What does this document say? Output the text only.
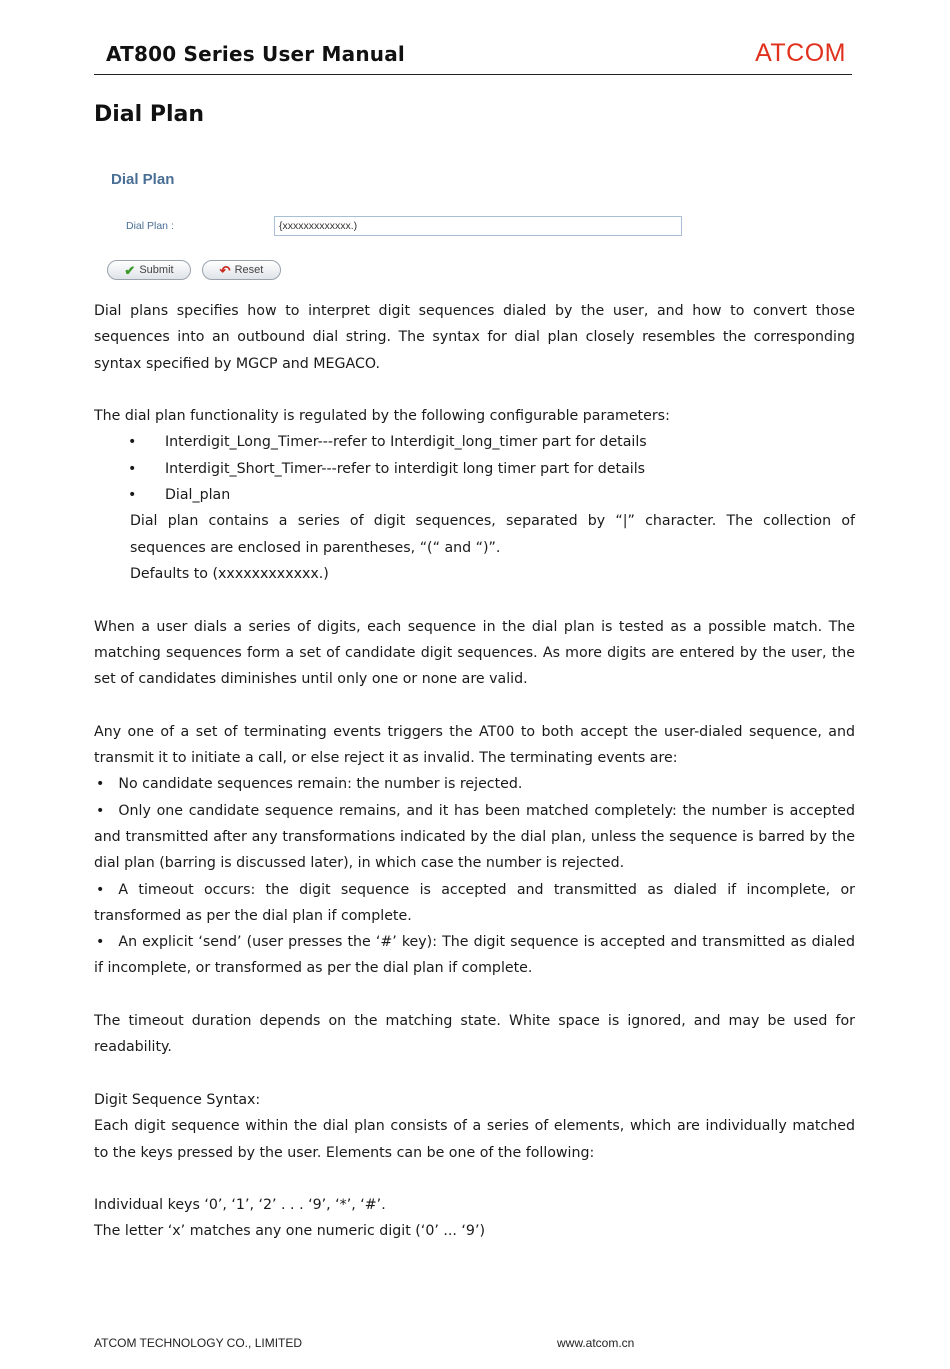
AT800 Series User Manual	ATCOM
Dial Plan
Dial Plan
Dial Plan :
{xxxxxxxxxxxxx.)
✔ Submit	↶ Reset

Dial plans specifies how to interpret digit sequences dialed by the user, and how to convert those sequences into an outbound dial string. The syntax for dial plan closely resembles the corresponding syntax specified by MGCP and MEGACO.

The dial plan functionality is regulated by the following configurable parameters:

• Interdigit_Long_Timer---refer to Interdigit_long_timer part for details
• Interdigit_Short_Timer---refer to interdigit long timer part for details
• Dial_plan

Dial plan contains a series of digit sequences, separated by “|” character. The collection of sequences are enclosed in parentheses, “(“ and “)”.

Defaults to (xxxxxxxxxxxx.)

When a user dials a series of digits, each sequence in the dial plan is tested as a possible match. The matching sequences form a set of candidate digit sequences. As more digits are entered by the user, the set of candidates diminishes until only one or none are valid.

Any one of a set of terminating events triggers the AT00 to both accept the user-dialed sequence, and transmit it to initiate a call, or else reject it as invalid. The terminating events are:

• No candidate sequences remain: the number is rejected.

• Only one candidate sequence remains, and it has been matched completely: the number is accepted and transmitted after any transformations indicated by the dial plan, unless the sequence is barred by the dial plan (barring is discussed later), in which case the number is rejected.

• A timeout occurs: the digit sequence is accepted and transmitted as dialed if incomplete, or transformed as per the dial plan if complete.

• An explicit ‘send’ (user presses the ‘#’ key): The digit sequence is accepted and transmitted as dialed if incomplete, or transformed as per the dial plan if complete.

The timeout duration depends on the matching state. White space is ignored, and may be used for readability.

Digit Sequence Syntax:

Each digit sequence within the dial plan consists of a series of elements, which are individually matched to the keys pressed by the user. Elements can be one of the following:

Individual keys ‘0’, ‘1’, ‘2’ . . . ‘9’, ‘*’, ‘#’.

The letter ‘x’ matches any one numeric digit (‘0’ ... ‘9’)

ATCOM TECHNOLOGY CO., LIMITED	www.atcom.cn
